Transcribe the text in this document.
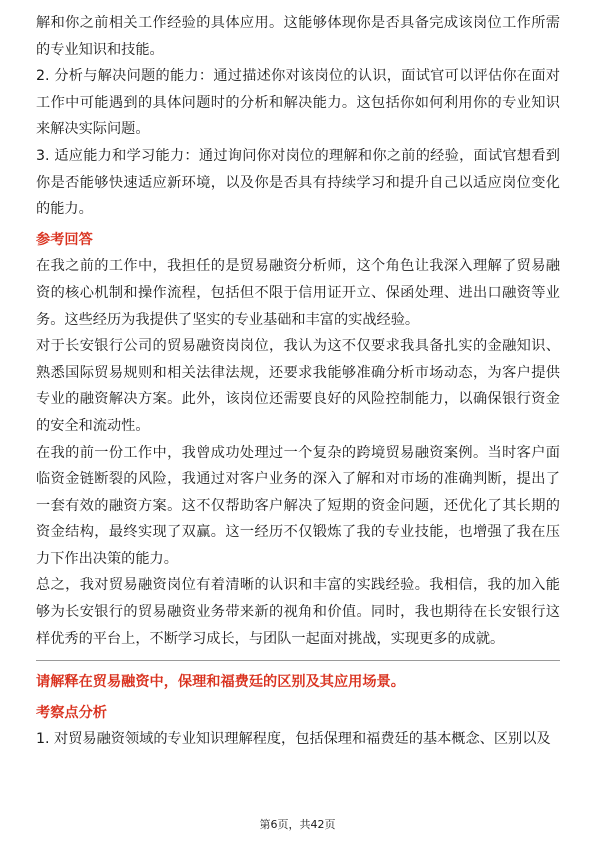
解和你之前相关工作经验的具体应用。这能够体现你是否具备完成该岗位工作所需的专业知识和技能。

2. 分析与解决问题的能力：通过描述你对该岗位的认识，面试官可以评估你在面对工作中可能遇到的具体问题时的分析和解决能力。这包括你如何利用你的专业知识来解决实际问题。

3. 适应能力和学习能力：通过询问你对岗位的理解和你之前的经验，面试官想看到你是否能够快速适应新环境，以及你是否具有持续学习和提升自己以适应岗位变化的能力。

参考回答

在我之前的工作中，我担任的是贸易融资分析师，这个角色让我深入理解了贸易融资的核心机制和操作流程，包括但不限于信用证开立、保函处理、进出口融资等业务。这些经历为我提供了坚实的专业基础和丰富的实战经验。

对于长安银行公司的贸易融资岗岗位，我认为这不仅要求我具备扎实的金融知识、熟悉国际贸易规则和相关法律法规，还要求我能够准确分析市场动态，为客户提供专业的融资解决方案。此外，该岗位还需要良好的风险控制能力，以确保银行资金的安全和流动性。

在我的前一份工作中，我曾成功处理过一个复杂的跨境贸易融资案例。当时客户面临资金链断裂的风险，我通过对客户业务的深入了解和对市场的准确判断，提出了一套有效的融资方案。这不仅帮助客户解决了短期的资金问题，还优化了其长期的资金结构，最终实现了双赢。这一经历不仅锻炼了我的专业技能，也增强了我在压力下作出决策的能力。

总之，我对贸易融资岗位有着清晰的认识和丰富的实践经验。我相信，我的加入能够为长安银行的贸易融资业务带来新的视角和价值。同时，我也期待在长安银行这样优秀的平台上，不断学习成长，与团队一起面对挑战，实现更多的成就。

请解释在贸易融资中，保理和福费廷的区别及其应用场景。

考察点分析

1. 对贸易融资领域的专业知识理解程度，包括保理和福费廷的基本概念、区别以及

第6页，共42页
